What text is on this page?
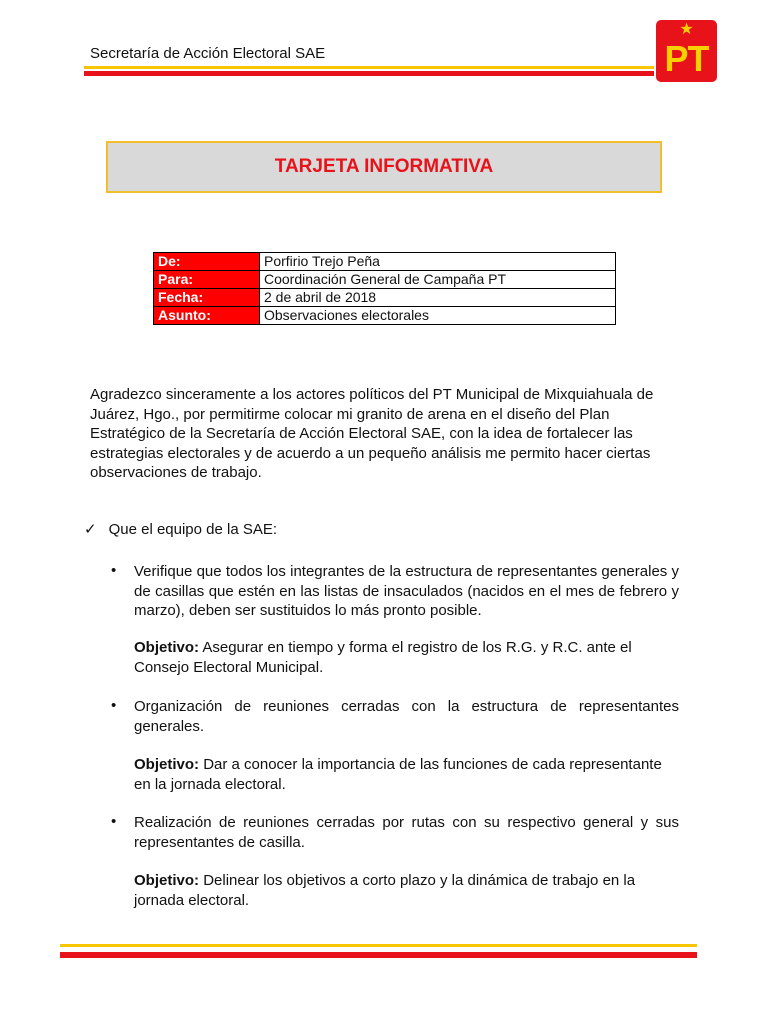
Secretaría de Acción Electoral SAE
★
PT
TARJETA INFORMATIVA
De:	Porfirio Trejo Peña
Para:	Coordinación General de Campaña PT
Fecha:	2 de abril de 2018
Asunto:	Observaciones electorales
Agradezco sinceramente a los actores políticos del PT Municipal de Mixquiahuala de Juárez, Hgo., por permitirme colocar mi granito de arena en el diseño del Plan Estratégico de la Secretaría de Acción Electoral SAE, con la idea de fortalecer las estrategias electorales y de acuerdo a un pequeño análisis me permito hacer ciertas observaciones de trabajo.
✓ Que el equipo de la SAE:
• Verifique que todos los integrantes de la estructura de representantes generales y de casillas que estén en las listas de insaculados (nacidos en el mes de febrero y marzo), deben ser sustituidos lo más pronto posible.
Objetivo: Asegurar en tiempo y forma el registro de los R.G. y R.C. ante el Consejo Electoral Municipal.
• Organización de reuniones cerradas con la estructura de representantes generales.
Objetivo: Dar a conocer la importancia de las funciones de cada representante en la jornada electoral.
• Realización de reuniones cerradas por rutas con su respectivo general y sus representantes de casilla.
Objetivo: Delinear los objetivos a corto plazo y la dinámica de trabajo en la jornada electoral.
